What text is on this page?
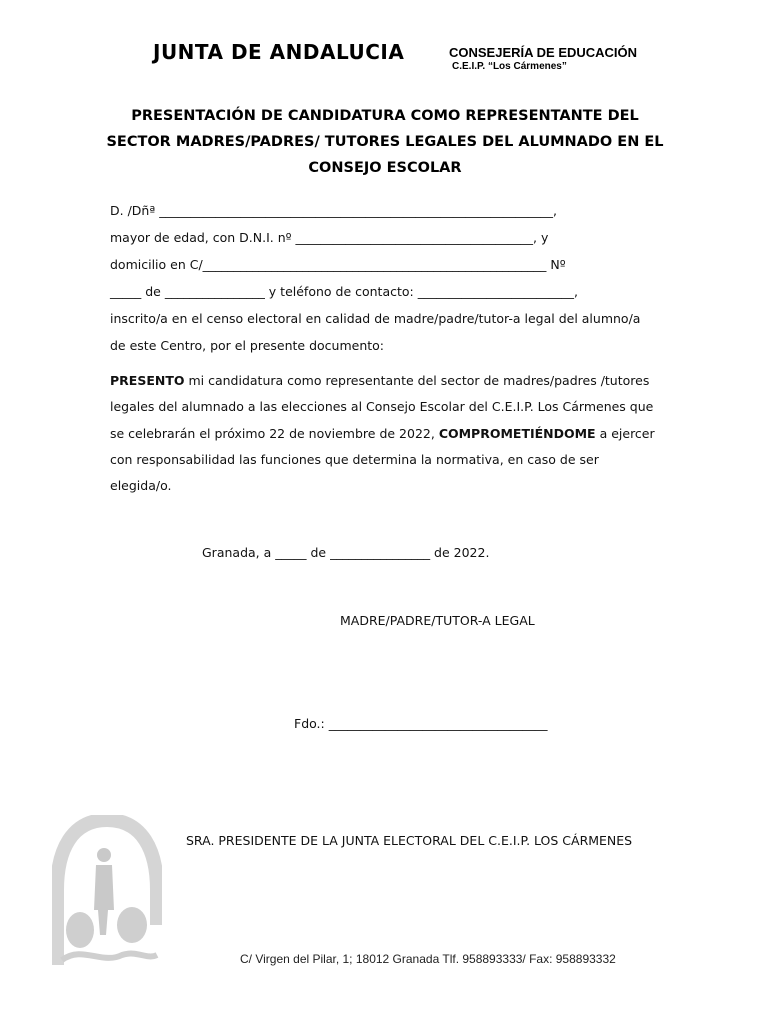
JUNTA DE ANDALUCIA	CONSEJERÍA DE EDUCACIÓN
C.E.I.P. “Los Cármenes”
PRESENTACIÓN DE CANDIDATURA COMO REPRESENTANTE DEL SECTOR MADRES/PADRES/ TUTORES LEGALES DEL ALUMNADO EN EL CONSEJO ESCOLAR
D. /Dñª _______________________________________________________________,
mayor de edad, con D.N.I. nº ______________________________________, y
domicilio en C/_______________________________________________________ Nº
_____ de ________________ y teléfono de contacto: _________________________,
inscrito/a en el censo electoral en calidad de madre/padre/tutor-a legal del alumno/a
de este Centro, por el presente documento:
PRESENTO mi candidatura como representante del sector de madres/padres /tutores legales del alumnado a las elecciones al Consejo Escolar del C.E.I.P. Los Cármenes que se celebrarán el próximo 22 de noviembre de 2022, COMPROMETIÉNDOME a ejercer con responsabilidad las funciones que determina la normativa, en caso de ser elegida/o.
Granada, a _____ de ________________ de 2022.
MADRE/PADRE/TUTOR-A LEGAL
Fdo.: ___________________________________
SRA. PRESIDENTE DE LA JUNTA ELECTORAL DEL C.E.I.P. LOS CÁRMENES
C/ Virgen del Pilar, 1; 18012 Granada Tlf. 958893333/ Fax: 958893332
